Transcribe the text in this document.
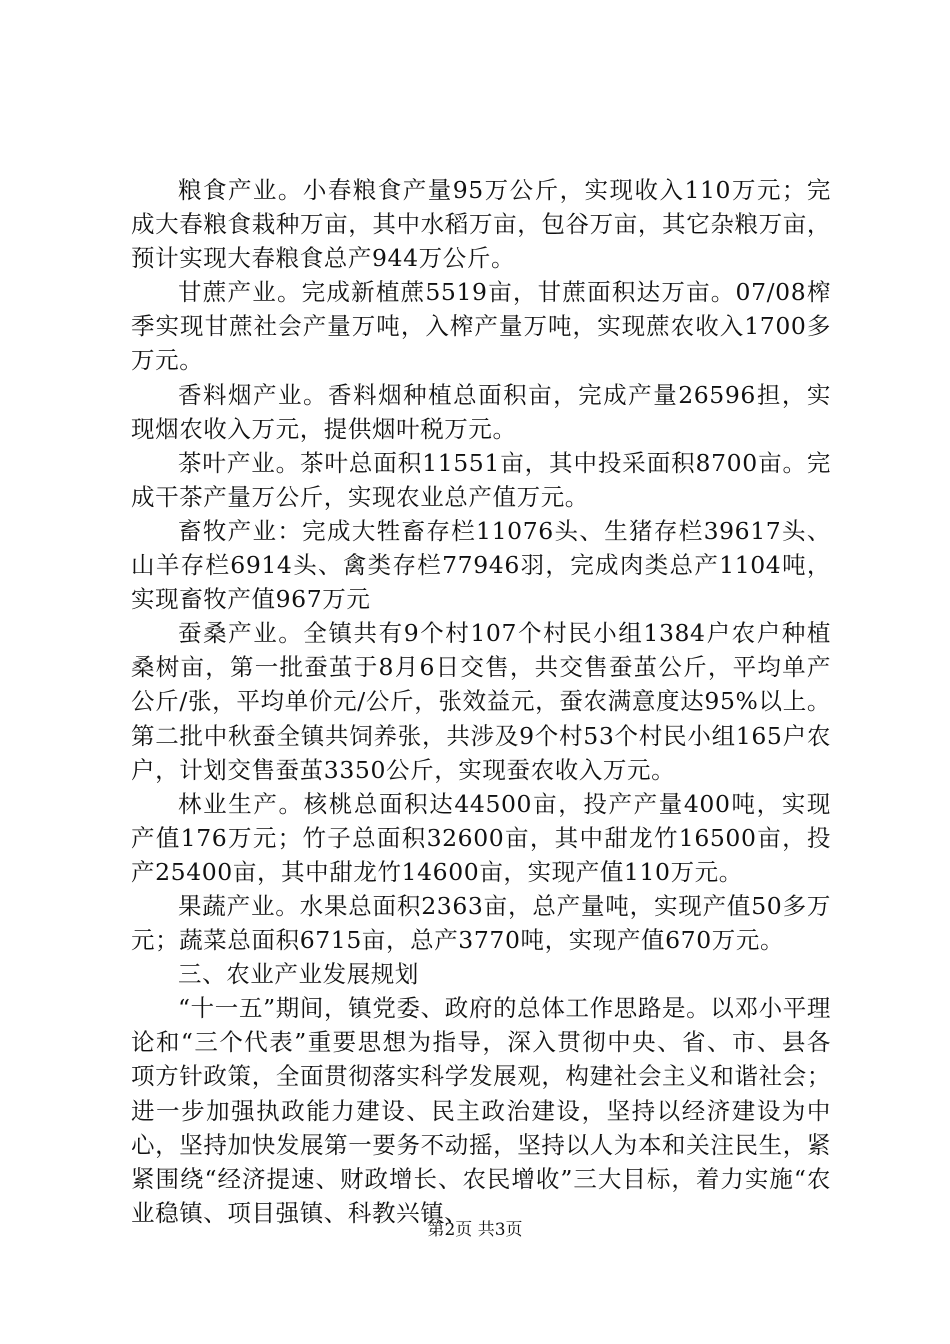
粮食产业。小春粮食产量95万公斤，实现收入110万元；完成大春粮食栽种万亩，其中水稻万亩，包谷万亩，其它杂粮万亩，预计实现大春粮食总产944万公斤。

甘蔗产业。完成新植蔗5519亩，甘蔗面积达万亩。07/08榨季实现甘蔗社会产量万吨，入榨产量万吨，实现蔗农收入1700多万元。

香料烟产业。香料烟种植总面积亩，完成产量26596担，实现烟农收入万元，提供烟叶税万元。

茶叶产业。茶叶总面积11551亩，其中投采面积8700亩。完成干茶产量万公斤，实现农业总产值万元。

畜牧产业：完成大牲畜存栏11076头、生猪存栏39617头、山羊存栏6914头、禽类存栏77946羽，完成肉类总产1104吨，实现畜牧产值967万元

蚕桑产业。全镇共有9个村107个村民小组1384户农户种植桑树亩，第一批蚕茧于8月6日交售，共交售蚕茧公斤，平均单产公斤/张，平均单价元/公斤，张效益元，蚕农满意度达95%以上。第二批中秋蚕全镇共饲养张，共涉及9个村53个村民小组165户农户，计划交售蚕茧3350公斤，实现蚕农收入万元。

林业生产。核桃总面积达44500亩，投产产量400吨，实现产值176万元；竹子总面积32600亩，其中甜龙竹16500亩，投产25400亩，其中甜龙竹14600亩，实现产值110万元。

果蔬产业。水果总面积2363亩，总产量吨，实现产值50多万元；蔬菜总面积6715亩，总产3770吨，实现产值670万元。

三、农业产业发展规划

“十一五”期间，镇党委、政府的总体工作思路是。以邓小平理论和“三个代表”重要思想为指导，深入贯彻中央、省、市、县各项方针政策，全面贯彻落实科学发展观，构建社会主义和谐社会；进一步加强执政能力建设、民主政治建设，坚持以经济建设为中心，坚持加快发展第一要务不动摇，坚持以人为本和关注民生，紧紧围绕“经济提速、财政增长、农民增收”三大目标，着力实施“农业稳镇、项目强镇、科教兴镇、

第2页 共3页
